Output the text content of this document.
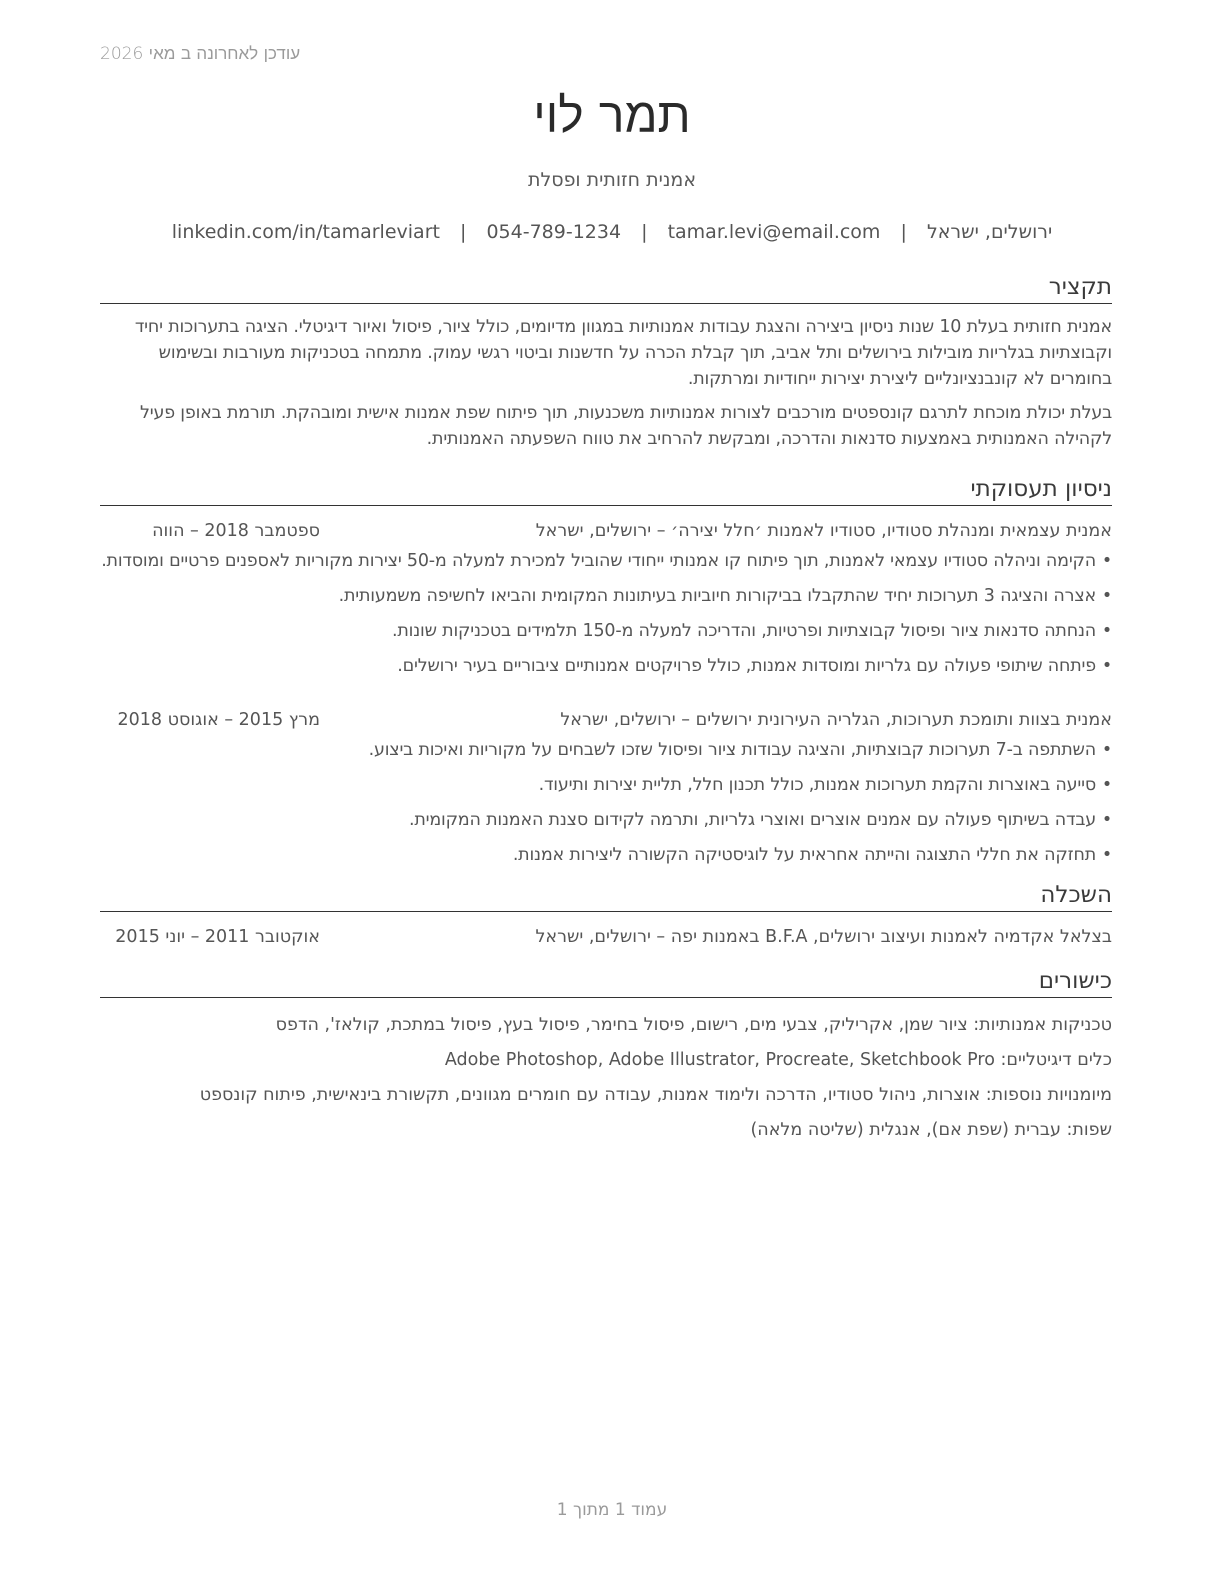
עודכן לאחרונה ב מאי 2026
תמר לוי
אמנית חזותית ופסלת
ירושלים, ישראל | tamar.levi@email.com | 054-789-1234 | linkedin.com/in/tamarleviart
תקציר

אמנית חזותית בעלת 10 שנות ניסיון ביצירה והצגת עבודות אמנותיות במגוון מדיומים, כולל ציור, פיסול ואיור דיגיטלי. הציגה בתערוכות יחיד וקבוצתיות בגלריות מובילות בירושלים ותל אביב, תוך קבלת הכרה על חדשנות וביטוי רגשי עמוק. מתמחה בטכניקות מעורבות ובשימוש בחומרים לא קונבנציונליים ליצירת יצירות ייחודיות ומרתקות.

בעלת יכולת מוכחת לתרגם קונספטים מורכבים לצורות אמנותיות משכנעות, תוך פיתוח שפת אמנות אישית ומובהקת. תורמת באופן פעיל לקהילה האמנותית באמצעות סדנאות והדרכה, ומבקשת להרחיב את טווח השפעתה האמנותית.

ניסיון תעסוקתי
אמנית עצמאית ומנהלת סטודיו, סטודיו לאמנות ׳חלל יצירה׳ – ירושלים, ישראל
ספטמבר 2018 – הווה
• הקימה וניהלה סטודיו עצמאי לאמנות, תוך פיתוח קו אמנותי ייחודי שהוביל למכירת למעלה מ-50 יצירות מקוריות לאספנים פרטיים ומוסדות.
• אצרה והציגה 3 תערוכות יחיד שהתקבלו בביקורות חיוביות בעיתונות המקומית והביאו לחשיפה משמעותית.
• הנחתה סדנאות ציור ופיסול קבוצתיות ופרטיות, והדריכה למעלה מ-150 תלמידים בטכניקות שונות.
• פיתחה שיתופי פעולה עם גלריות ומוסדות אמנות, כולל פרויקטים אמנותיים ציבוריים בעיר ירושלים.
אמנית בצוות ותומכת תערוכות, הגלריה העירונית ירושלים – ירושלים, ישראל
מרץ 2015 – אוגוסט 2018
• השתתפה ב-7 תערוכות קבוצתיות, והציגה עבודות ציור ופיסול שזכו לשבחים על מקוריות ואיכות ביצוע.
• סייעה באוצרות והקמת תערוכות אמנות, כולל תכנון חלל, תליית יצירות ותיעוד.
• עבדה בשיתוף פעולה עם אמנים אוצרים ואוצרי גלריות, ותרמה לקידום סצנת האמנות המקומית.
• תחזקה את חללי התצוגה והייתה אחראית על לוגיסטיקה הקשורה ליצירות אמנות.
השכלה
בצלאל אקדמיה לאמנות ועיצוב ירושלים, B.F.A באמנות יפה – ירושלים, ישראל
אוקטובר 2011 – יוני 2015
כישורים

טכניקות אמנותיות: ציור שמן, אקריליק, צבעי מים, רישום, פיסול בחימר, פיסול בעץ, פיסול במתכת, קולאז', הדפס

כלים דיגיטליים: Adobe Photoshop, Adobe Illustrator, Procreate, Sketchbook Pro

מיומנויות נוספות: אוצרות, ניהול סטודיו, הדרכה ולימוד אמנות, עבודה עם חומרים מגוונים, תקשורת בינאישית, פיתוח קונספט

שפות: עברית (שפת אם), אנגלית (שליטה מלאה)

עמוד 1 מתוך 1
